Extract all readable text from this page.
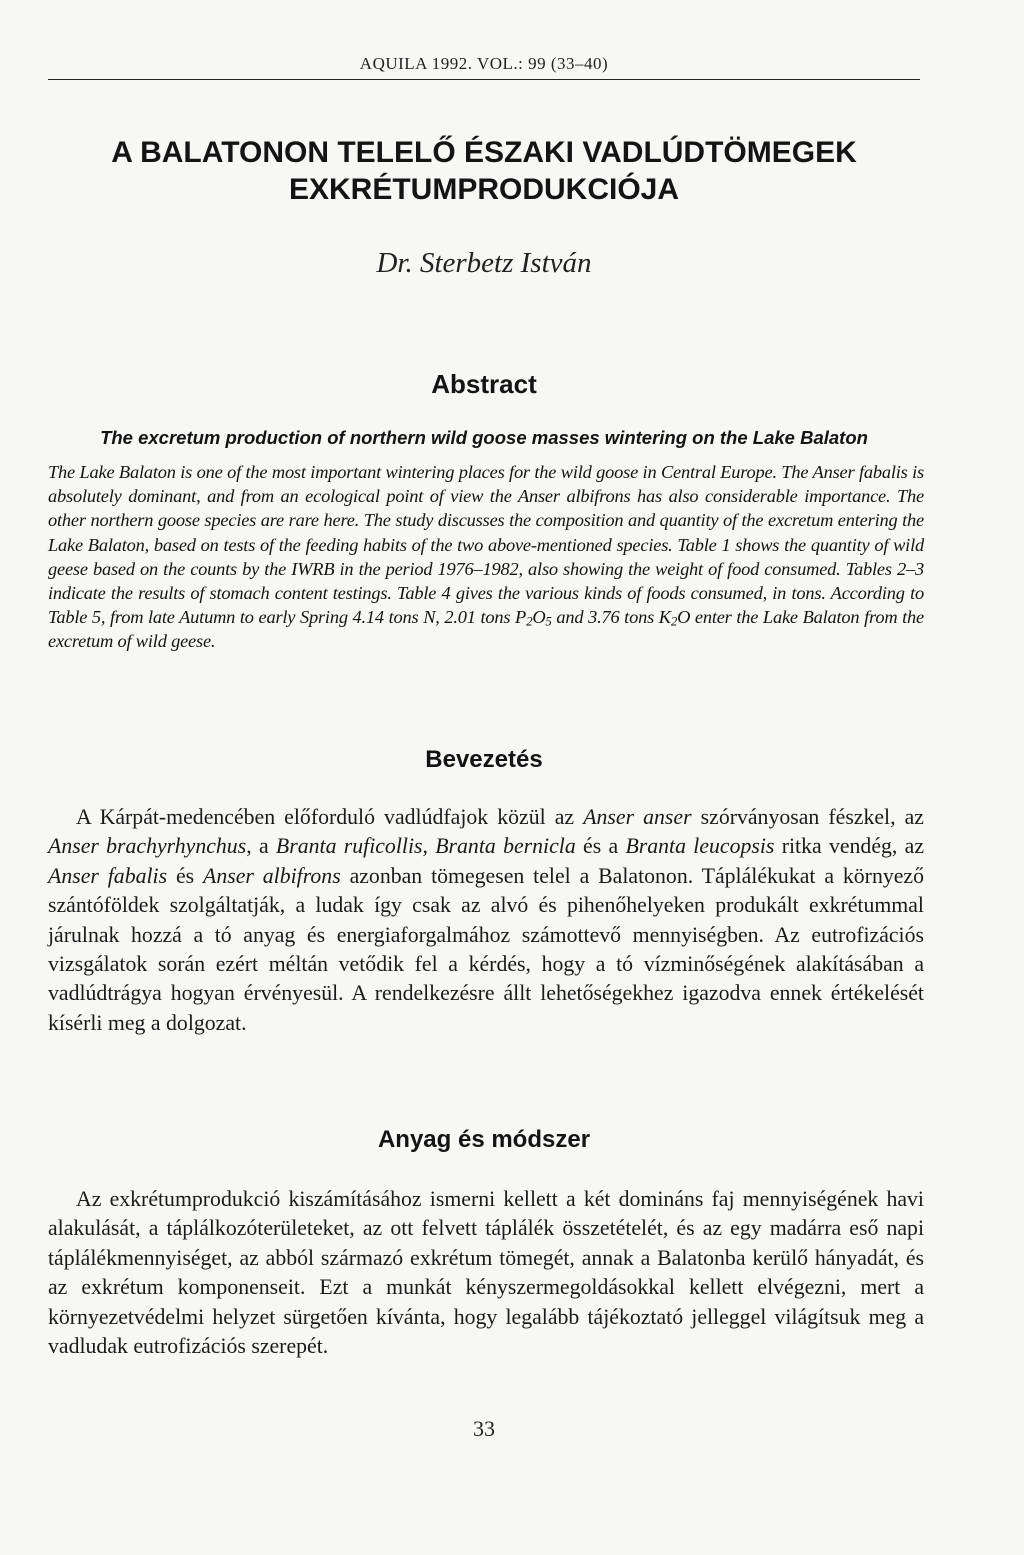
AQUILA 1992. VOL.: 99 (33–40)
A BALATONON TELELŐ ÉSZAKI VADLÚDTÖMEGEK
EXKRÉTUMPRODUKCIÓJA
Dr. Sterbetz István
Abstract
The excretum production of northern wild goose masses wintering on the Lake Balaton
The Lake Balaton is one of the most important wintering places for the wild goose in Central Europe. The Anser fabalis is absolutely dominant, and from an ecological point of view the Anser albifrons has also considerable importance. The other northern goose species are rare here. The study discusses the composition and quantity of the excretum entering the Lake Balaton, based on tests of the feeding habits of the two above-mentioned species. Table 1 shows the quantity of wild geese based on the counts by the IWRB in the period 1976–1982, also showing the weight of food consumed. Tables 2–3 indicate the results of stomach content testings. Table 4 gives the various kinds of foods consumed, in tons. According to Table 5, from late Autumn to early Spring 4.14 tons N, 2.01 tons $P_2O_5$ and 3.76 tons $K_2O$ enter the Lake Balaton from the excretum of wild geese.
Bevezetés
A Kárpát-medencében előforduló vadlúdfajok közül az Anser anser szórványosan fészkel, az Anser brachyrhynchus, a Branta ruficollis, Branta bernicla és a Branta leucopsis ritka vendég, az Anser fabalis és Anser albifrons azonban tömegesen telel a Balatonon. Táplálékukat a környező szántóföldek szolgáltatják, a ludak így csak az alvó és pihenőhelyeken produkált exkrétummal járulnak hozzá a tó anyag és energiaforgalmához számottevő mennyiségben. Az eutrofizációs vizsgálatok során ezért méltán vetődik fel a kérdés, hogy a tó vízminőségének alakításában a vadlúdtrágya hogyan érvényesül. A rendelkezésre állt lehetőségekhez igazodva ennek értékelését kísérli meg a dolgozat.
Anyag és módszer
Az exkrétumprodukció kiszámításához ismerni kellett a két domináns faj mennyiségének havi alakulását, a táplálkozóterületeket, az ott felvett táplálék összetételét, és az egy madárra eső napi táplálékmennyiséget, az abból származó exkrétum tömegét, annak a Balatonba kerülő hányadát, és az exkrétum komponenseit. Ezt a munkát kényszermegoldásokkal kellett elvégezni, mert a környezetvédelmi helyzet sürgetően kívánta, hogy legalább tájékoztató jelleggel világítsuk meg a vadludak eutrofizációs szerepét.
33
